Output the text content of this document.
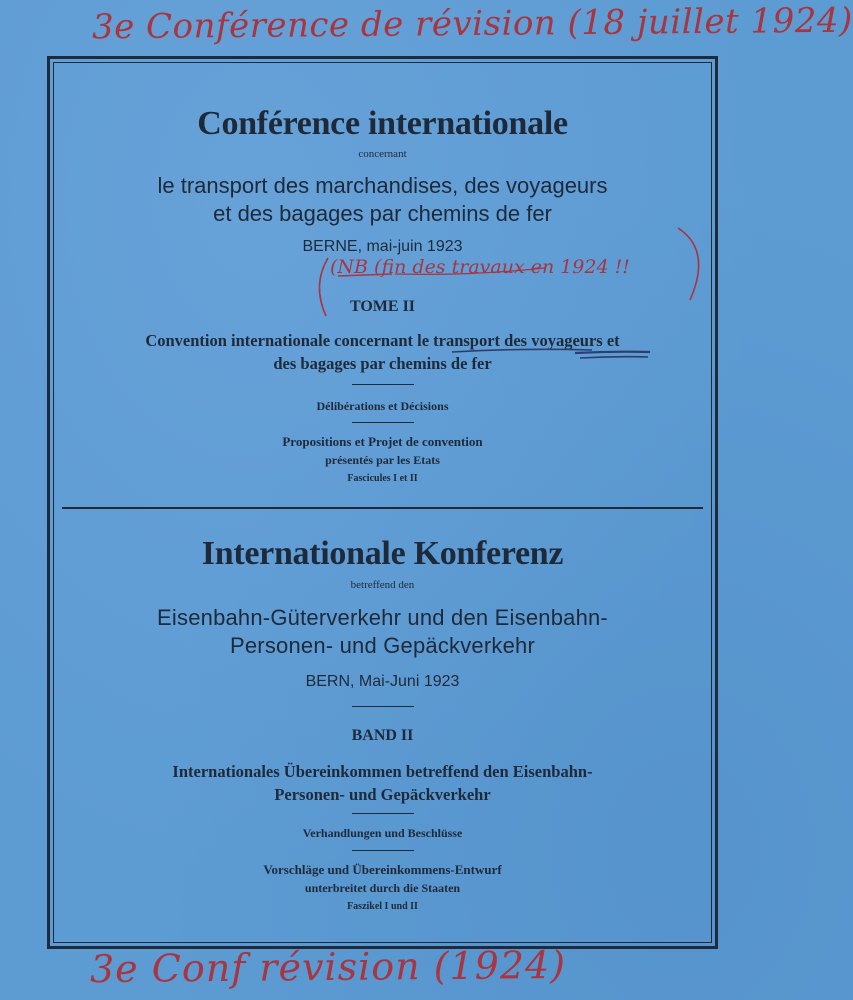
3e Conférence de révision (18 juillet 1924)
Conférence internationale
concernant
le transport des marchandises, des voyageurs
et des bagages par chemins de fer
BERNE, mai-juin 1923
(NB (fin des travaux en 1924 !!
TOME II
Convention internationale concernant le transport des voyageurs et
des bagages par chemins de fer
Délibérations et Décisions
Propositions et Projet de convention
présentés par les Etats
Fascicules I et II
Internationale Konferenz
betreffend den
Eisenbahn-Güterverkehr und den Eisenbahn-
Personen- und Gepäckverkehr
BERN, Mai-Juni 1923
BAND II
Internationales Übereinkommen betreffend den Eisenbahn-
Personen- und Gepäckverkehr
Verhandlungen und Beschlüsse
Vorschläge und Übereinkommens-Entwurf
unterbreitet durch die Staaten
Faszikel I und II
3e Conf révision (1924)
